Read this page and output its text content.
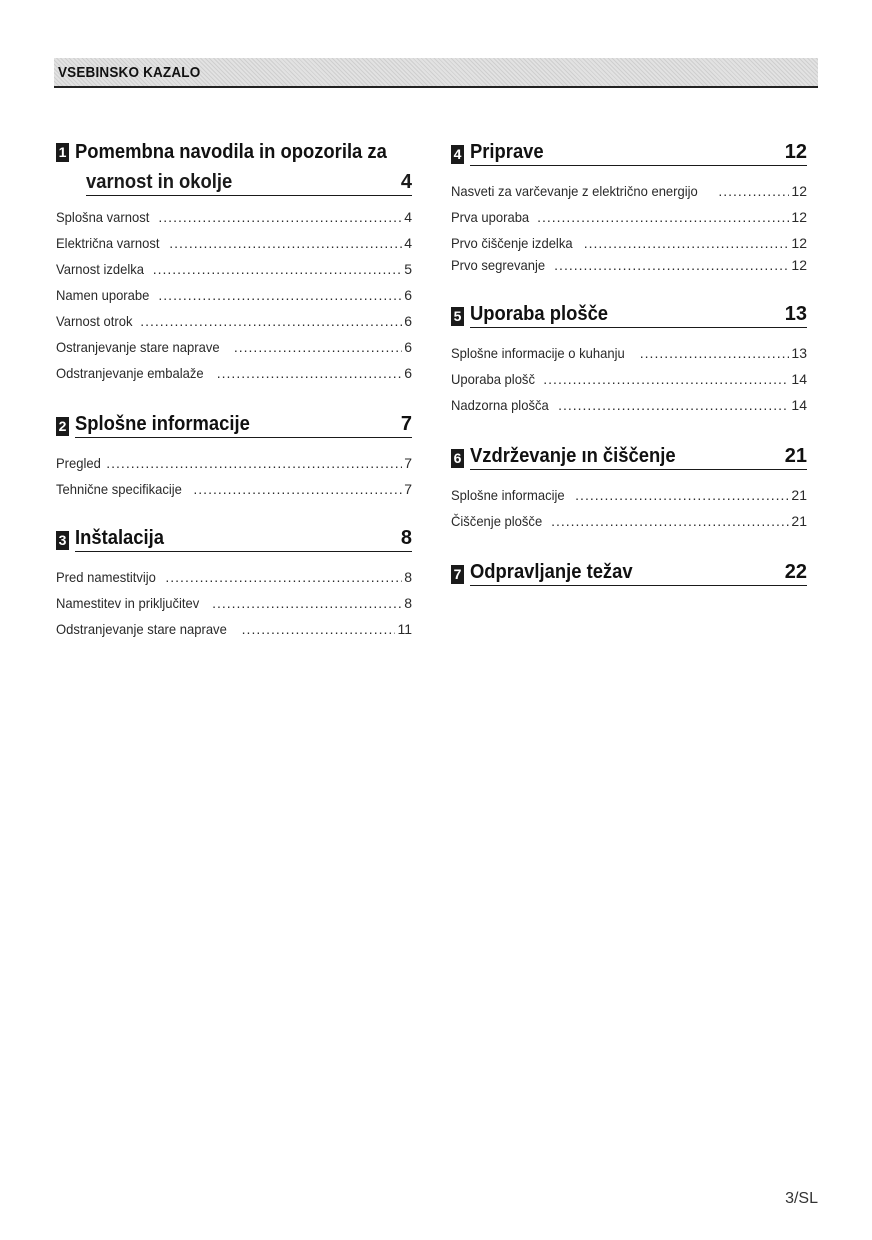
VSEBINSKO KAZALO
1 Pomembna navodila in opozorila za
varnost in okolje	4
Splošna varnost .....	4
Električna varnost .....	4
Varnost izdelka .....	5
Namen uporabe .....	6
Varnost otrok .....	6
Ostranjevanje stare naprave .....	6
Odstranjevanje embalaže .....	6
2 Splošne informacije	7
Pregled .....	7
Tehnične specifikacije .....	7
3 Inštalacija	8
Pred namestitvijo .....	8
Namestitev in priključitev .....	8
Odstranjevanje stare naprave .....	11
4 Priprave	12
Nasveti za varčevanje z električno energijo .....	12
Prva uporaba .....	12
Prvo čiščenje izdelka .....	12
Prvo segrevanje .....	12
5 Uporaba plošče	13
Splošne informacije o kuhanju .....	13
Uporaba plošč .....	14
Nadzorna plošča .....	14
6 Vzdrževanje ın čiščenje	21
Splošne informacije .....	21
Čiščenje plošče .....	21
7 Odpravljanje težav	22
3/SL
